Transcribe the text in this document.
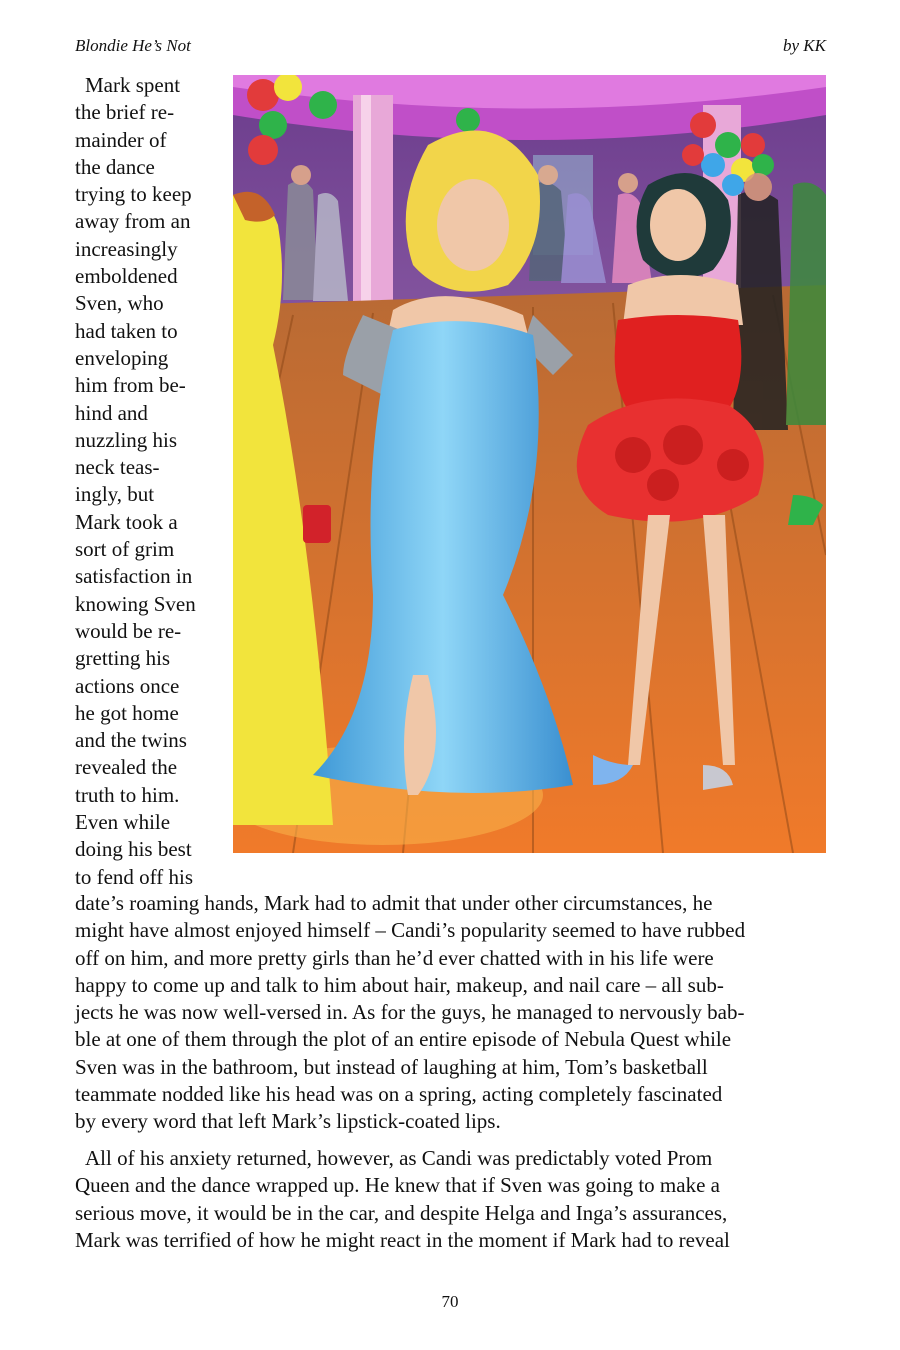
Blondie He’s Not	by KK
Mark spent
the brief re-
mainder of
the dance
trying to keep
away from an
increasingly
emboldened
Sven, who
had taken to
enveloping
him from be-
hind and
nuzzling his
neck teas-
ingly, but
Mark took a
sort of grim
satisfaction in
knowing Sven
would be re-
gretting his
actions once
he got home
and the twins
revealed the
truth to him.
Even while
doing his best
to fend off his
date’s roaming hands, Mark had to admit that under other circumstances, he
might have almost enjoyed himself – Candi’s popularity seemed to have rubbed
off on him, and more pretty girls than he’d ever chatted with in his life were
happy to come up and talk to him about hair, makeup, and nail care – all sub-
jects he was now well-versed in. As for the guys, he managed to nervously bab-
ble at one of them through the plot of an entire episode of Nebula Quest while
Sven was in the bathroom, but instead of laughing at him, Tom’s basketball
teammate nodded like his head was on a spring, acting completely fascinated
by every word that left Mark’s lipstick-coated lips.
All of his anxiety returned, however, as Candi was predictably voted Prom
Queen and the dance wrapped up. He knew that if Sven was going to make a
serious move, it would be in the car, and despite Helga and Inga’s assurances,
Mark was terrified of how he might react in the moment if Mark had to reveal
70
